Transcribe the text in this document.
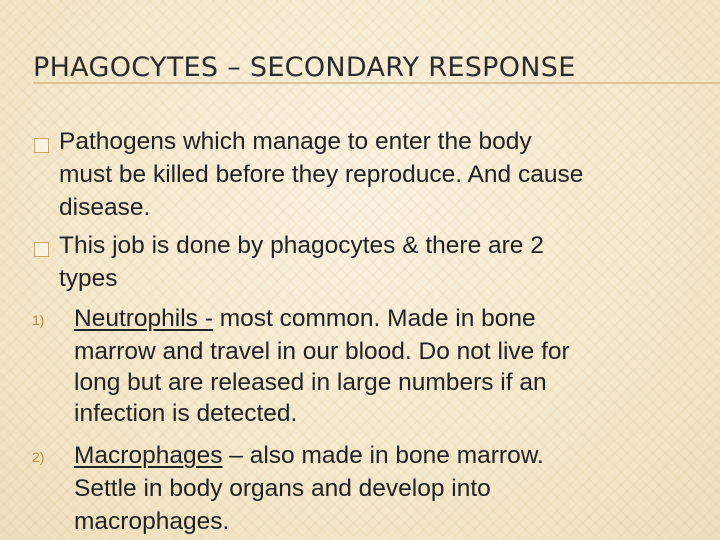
PHAGOCYTES – SECONDARY RESPONSE
Pathogens which manage to enter the body
must be killed before they reproduce. And cause
disease.
This job is done by phagocytes & there are 2
types
1) Neutrophils - most common. Made in bone
marrow and travel in our blood. Do not live for
long but are released in large numbers if an
infection is detected.
2) Macrophages – also made in bone marrow.
Settle in body organs and develop into
macrophages.
